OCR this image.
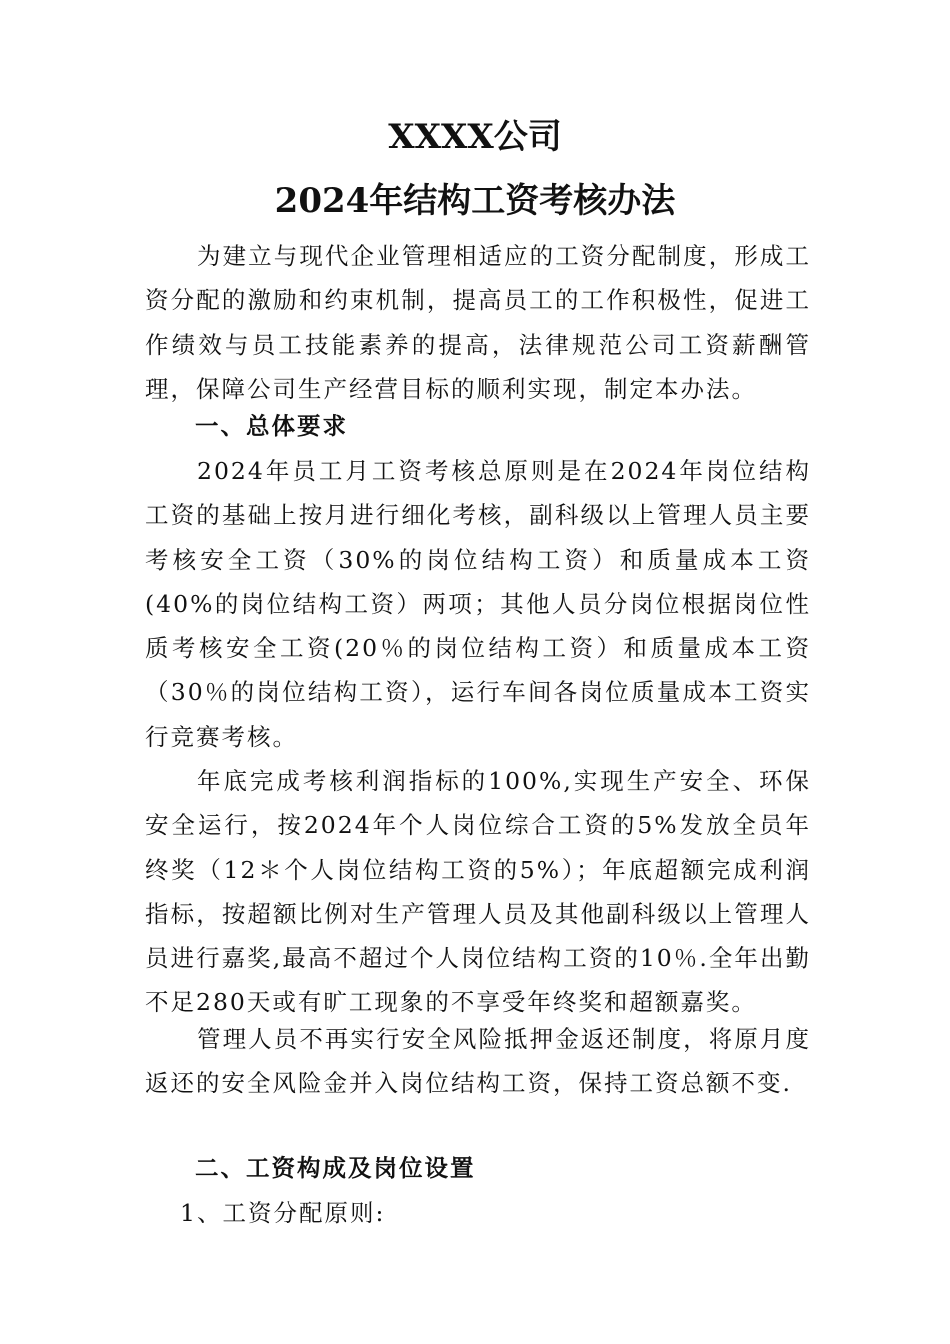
XXXX公司
2024年结构工资考核办法

为建立与现代企业管理相适应的工资分配制度，形成工资分配的激励和约束机制，提高员工的工作积极性，促进工作绩效与员工技能素养的提高，法律规范公司工资薪酬管理，保障公司生产经营目标的顺利实现，制定本办法。

一、总体要求

2024年员工月工资考核总原则是在2024年岗位结构工资的基础上按月进行细化考核，副科级以上管理人员主要考核安全工资（30%的岗位结构工资）和质量成本工资(40%的岗位结构工资）两项；其他人员分岗位根据岗位性质考核安全工资(20％的岗位结构工资）和质量成本工资（30％的岗位结构工资），运行车间各岗位质量成本工资实行竞赛考核。

年底完成考核利润指标的100%,实现生产安全、环保安全运行，按2024年个人岗位综合工资的5%发放全员年终奖（12＊个人岗位结构工资的5%）；年底超额完成利润指标，按超额比例对生产管理人员及其他副科级以上管理人员进行嘉奖,最高不超过个人岗位结构工资的10％.全年出勤不足280天或有旷工现象的不享受年终奖和超额嘉奖。

管理人员不再实行安全风险抵押金返还制度，将原月度返还的安全风险金并入岗位结构工资，保持工资总额不变.

二、工资构成及岗位设置

1、工资分配原则:
